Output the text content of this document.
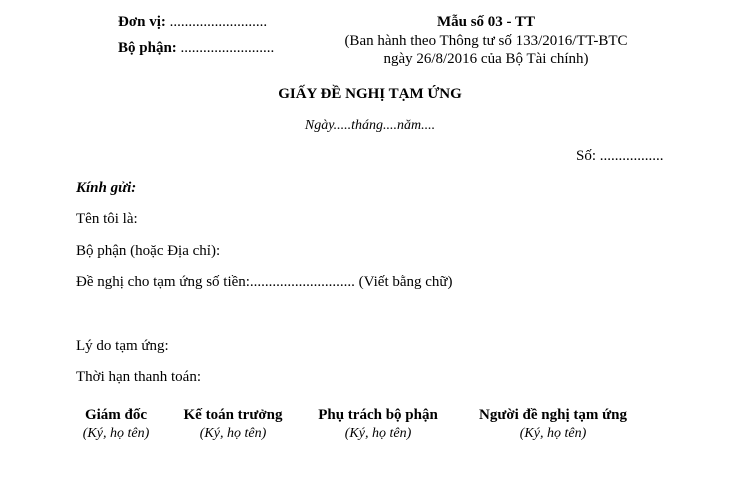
Đơn vị: ..........................
Bộ phận: .........................
Mẫu số 03 - TT
(Ban hành theo Thông tư số 133/2016/TT-BTC
ngày 26/8/2016 của Bộ Tài chính)
GIẤY ĐỀ NGHỊ TẠM ỨNG
Ngày.....tháng....năm....
Số: .................
Kính gửi:
Tên tôi là:
Bộ phận (hoặc Địa chỉ):
Đề nghị cho tạm ứng số tiền:............................ (Viết bằng chữ)
Lý do tạm ứng:
Thời hạn thanh toán:
Giám đốc
(Ký, họ tên)
Kế toán trưởng
(Ký, họ tên)
Phụ trách bộ phận
(Ký, họ tên)
Người đề nghị tạm ứng
(Ký, họ tên)
